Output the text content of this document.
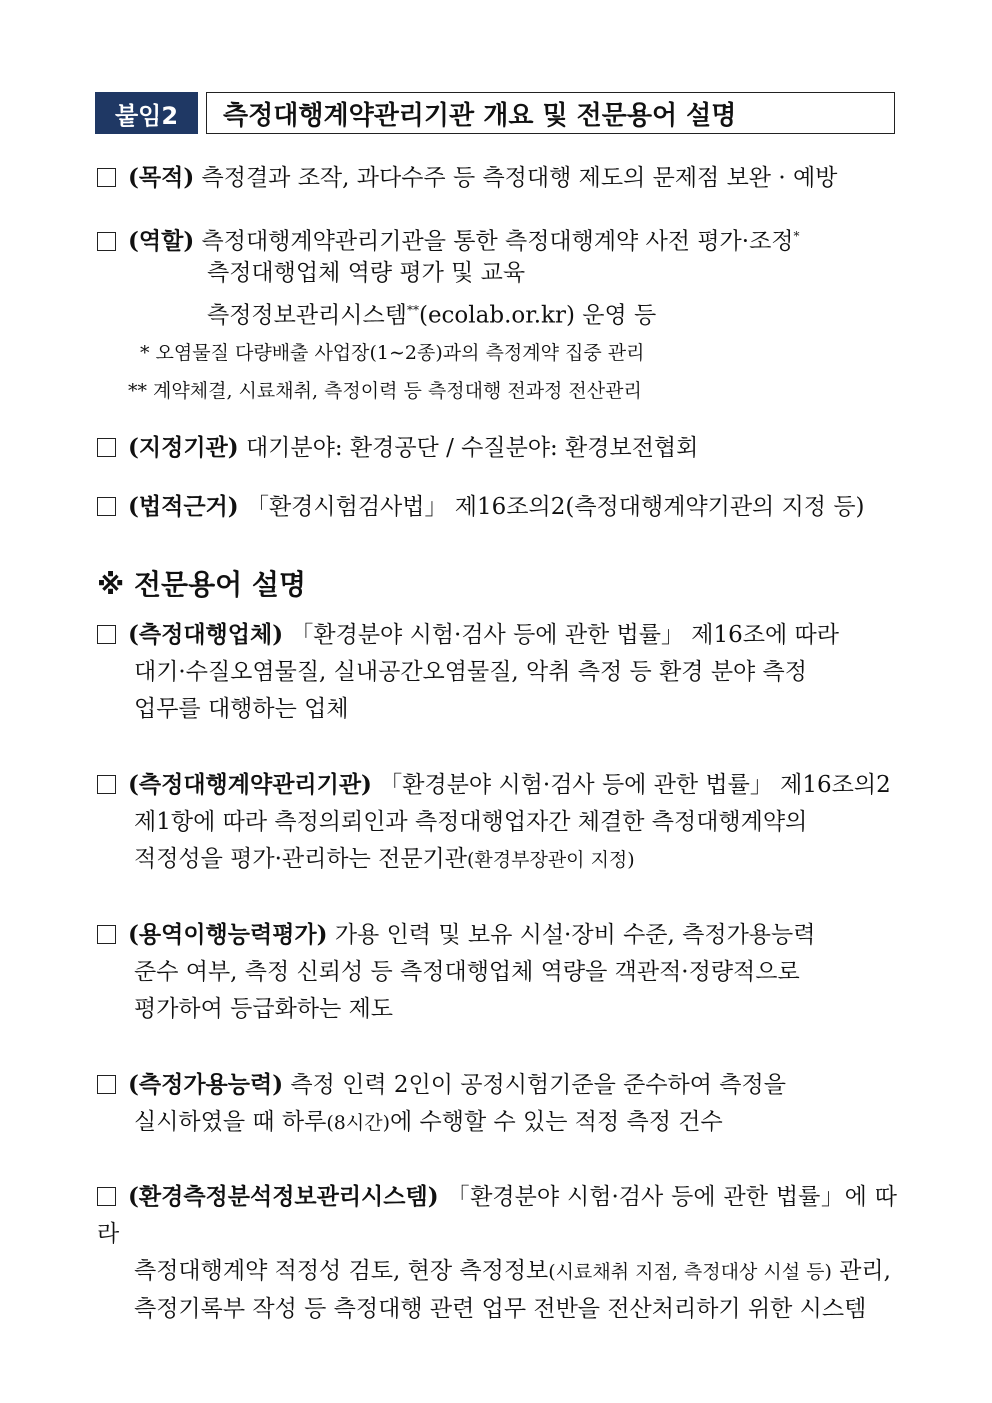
붙임2	측정대행계약관리기관 개요 및 전문용어 설명
(목적) 측정결과 조작, 과다수주 등 측정대행 제도의 문제점 보완 · 예방
(역할) 측정대행계약관리기관을 통한 측정대행계약 사전 평가·조정*
측정대행업체 역량 평가 및 교육
측정정보관리시스템**(ecolab.or.kr) 운영 등
* 오염물질 다량배출 사업장(1∼2종)과의 측정계약 집중 관리
** 계약체결, 시료채취, 측정이력 등 측정대행 전과정 전산관리
(지정기관) 대기분야: 환경공단 / 수질분야: 환경보전협회
(법적근거) 「환경시험검사법」 제16조의2(측정대행계약기관의 지정 등)
※ 전문용어 설명
(측정대행업체) 「환경분야 시험·검사 등에 관한 법률」 제16조에 따라
대기·수질오염물질, 실내공간오염물질, 악취 측정 등 환경 분야 측정
업무를 대행하는 업체
(측정대행계약관리기관) 「환경분야 시험·검사 등에 관한 법률」 제16조의2
제1항에 따라 측정의뢰인과 측정대행업자간 체결한 측정대행계약의
적정성을 평가·관리하는 전문기관(환경부장관이 지정)
(용역이행능력평가) 가용 인력 및 보유 시설·장비 수준, 측정가용능력
준수 여부, 측정 신뢰성 등 측정대행업체 역량을 객관적·정량적으로
평가하여 등급화하는 제도
(측정가용능력) 측정 인력 2인이 공정시험기준을 준수하여 측정을
실시하였을 때 하루(8시간)에 수행할 수 있는 적정 측정 건수
(환경측정분석정보관리시스템) 「환경분야 시험·검사 등에 관한 법률」에 따라
측정대행계약 적정성 검토, 현장 측정정보(시료채취 지점, 측정대상 시설 등) 관리,
측정기록부 작성 등 측정대행 관련 업무 전반을 전산처리하기 위한 시스템
